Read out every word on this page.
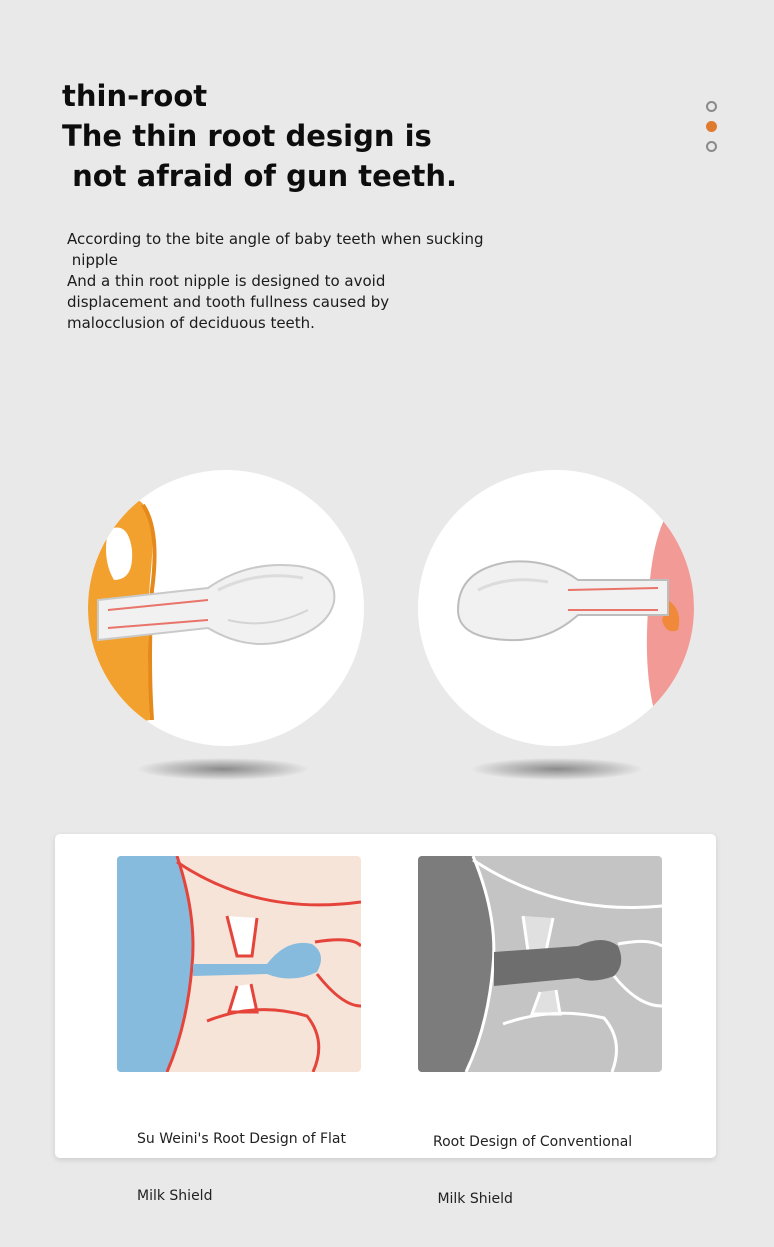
thin-root
The thin root design is
not afraid of gun teeth.
According to the bite angle of baby teeth when sucking
nipple
And a thin root nipple is designed to avoid
displacement and tooth fullness caused by
malocclusion of deciduous teeth.

Su Weini's Root Design of Flat

Milk Shield

Root Design of Conventional

Milk Shield
